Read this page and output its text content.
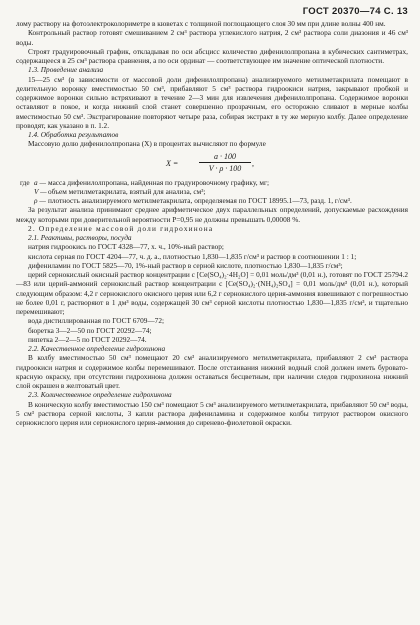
ГОСТ 20370—74 С. 13

лому раствору на фотоэлектроколориметре в кюветах с толщиной поглощающего слоя 30 мм при длине волны 400 нм.

Контрольный раствор готовят смешиванием 2 см³ раствора углекислого натрия, 2 см³ раствора соли диазония и 46 см³ воды.

Строят градуировочный график, откладывая по оси абсцисс количество дифенилолпропана в кубических сантиметрах, содержащееся в 25 см³ раствора сравнения, а по оси ординат — соответствующее им значение оптической плотности.

1.3. Проведение анализа

15—25 см³ (в зависимости от массовой доли дифенилолпропана) анализируемого метилметакрилата помещают в делительную воронку вместимостью 50 см³, прибавляют 5 см³ раствора гидроокиси натрия, закрывают пробкой и содержимое воронки сильно встряхивают в течение 2—3 мин для извлечения дифенилолпропана. Содержимое воронки оставляют в покое, и когда нижний слой станет совершенно прозрачным, его осторожно сливают в мерные колбы вместимостью 50 см³. Экстрагирование повторяют четыре раза, собирая экстракт в ту же мерную колбу. Далее определение проводят, как указано в п. 1.2.

1.4. Обработка результатов

Массовую долю дифенилолпропана (X) в процентах вычисляют по формуле

X =	$\frac{a \cdot 100}{V \cdot \rho \cdot 100}$ ,
где a — масса дифенилолпропана, найденная по градуировочному графику, мг;
V — объем метилметакрилата, взятый для анализа, см³;
ρ — плотность анализируемого метилметакрилата, определяемая по ГОСТ 18995.1—73, разд. 1, г/см³.

За результат анализа принимают среднее арифметическое двух параллельных определений, допускаемые расхождения между которыми при доверительной вероятности P=0,95 не должны превышать 0,00008 %.

2. Определение массовой доли гидрохинона

2.1. Реактивы, растворы, посуда

натрия гидроокись по ГОСТ 4328—77, х. ч., 10%-ный раствор;

кислота серная по ГОСТ 4204—77, ч. д. а., плотностью 1,830—1,835 г/см³ и раствор в соотношении 1 : 1;

дифениламин по ГОСТ 5825—70, 1%-ный раствор в серной кислоте, плотностью 1,830—1,835 г/см³;

церий сернокислый окисный раствор концентрации c [Ce(SO₄)₂·4H₂O] = 0,01 моль/дм³ (0,01 н.), готовят по ГОСТ 25794.2—83 или церий-аммоний сернокислый раствор концентрации c [Ce(SO₄)₂·(NH₄)₂SO₄] = 0,01 моль/дм³ (0,01 н.), который следующим образом: 4,2 г сернокислого окисного церия или 6,2 г сернокислого церия-аммония взвешивают с погрешностью не более 0,01 г, растворяют в 1 дм³ воды, содержащей 30 см³ серной кислоты плотностью 1,830—1,835 г/см³, и тщательно перемешивают;

вода дистиллированная по ГОСТ 6709—72;

бюретка 3—2—50 по ГОСТ 20292—74;

пипетка 2—2—5 по ГОСТ 20292—74.

2.2. Качественное определение гидрохинона

В колбу вместимостью 50 см³ помещают 20 см³ анализируемого метилметакрилата, прибавляют 2 см³ раствора гидроокиси натрия и содержимое колбы перемешивают. После отстаивания нижний водный слой должен иметь буровато-красную окраску, при отсутствии гидрохинона должен оставаться бесцветным, при наличии следов гидрохинона нижний слой окрашен в желтоватый цвет.

2.3. Количественное определение гидрохинона

В коническую колбу вместимостью 150 см³ помещают 5 см³ анализируемого метилметакрилата, прибавляют 50 см³ воды, 5 см³ раствора серной кислоты, 3 капли раствора дифениламина и содержимое колбы титруют раствором окисного сернокислого церия или сернокислого церия-аммония до сиренево-фиолетовой окраски.
